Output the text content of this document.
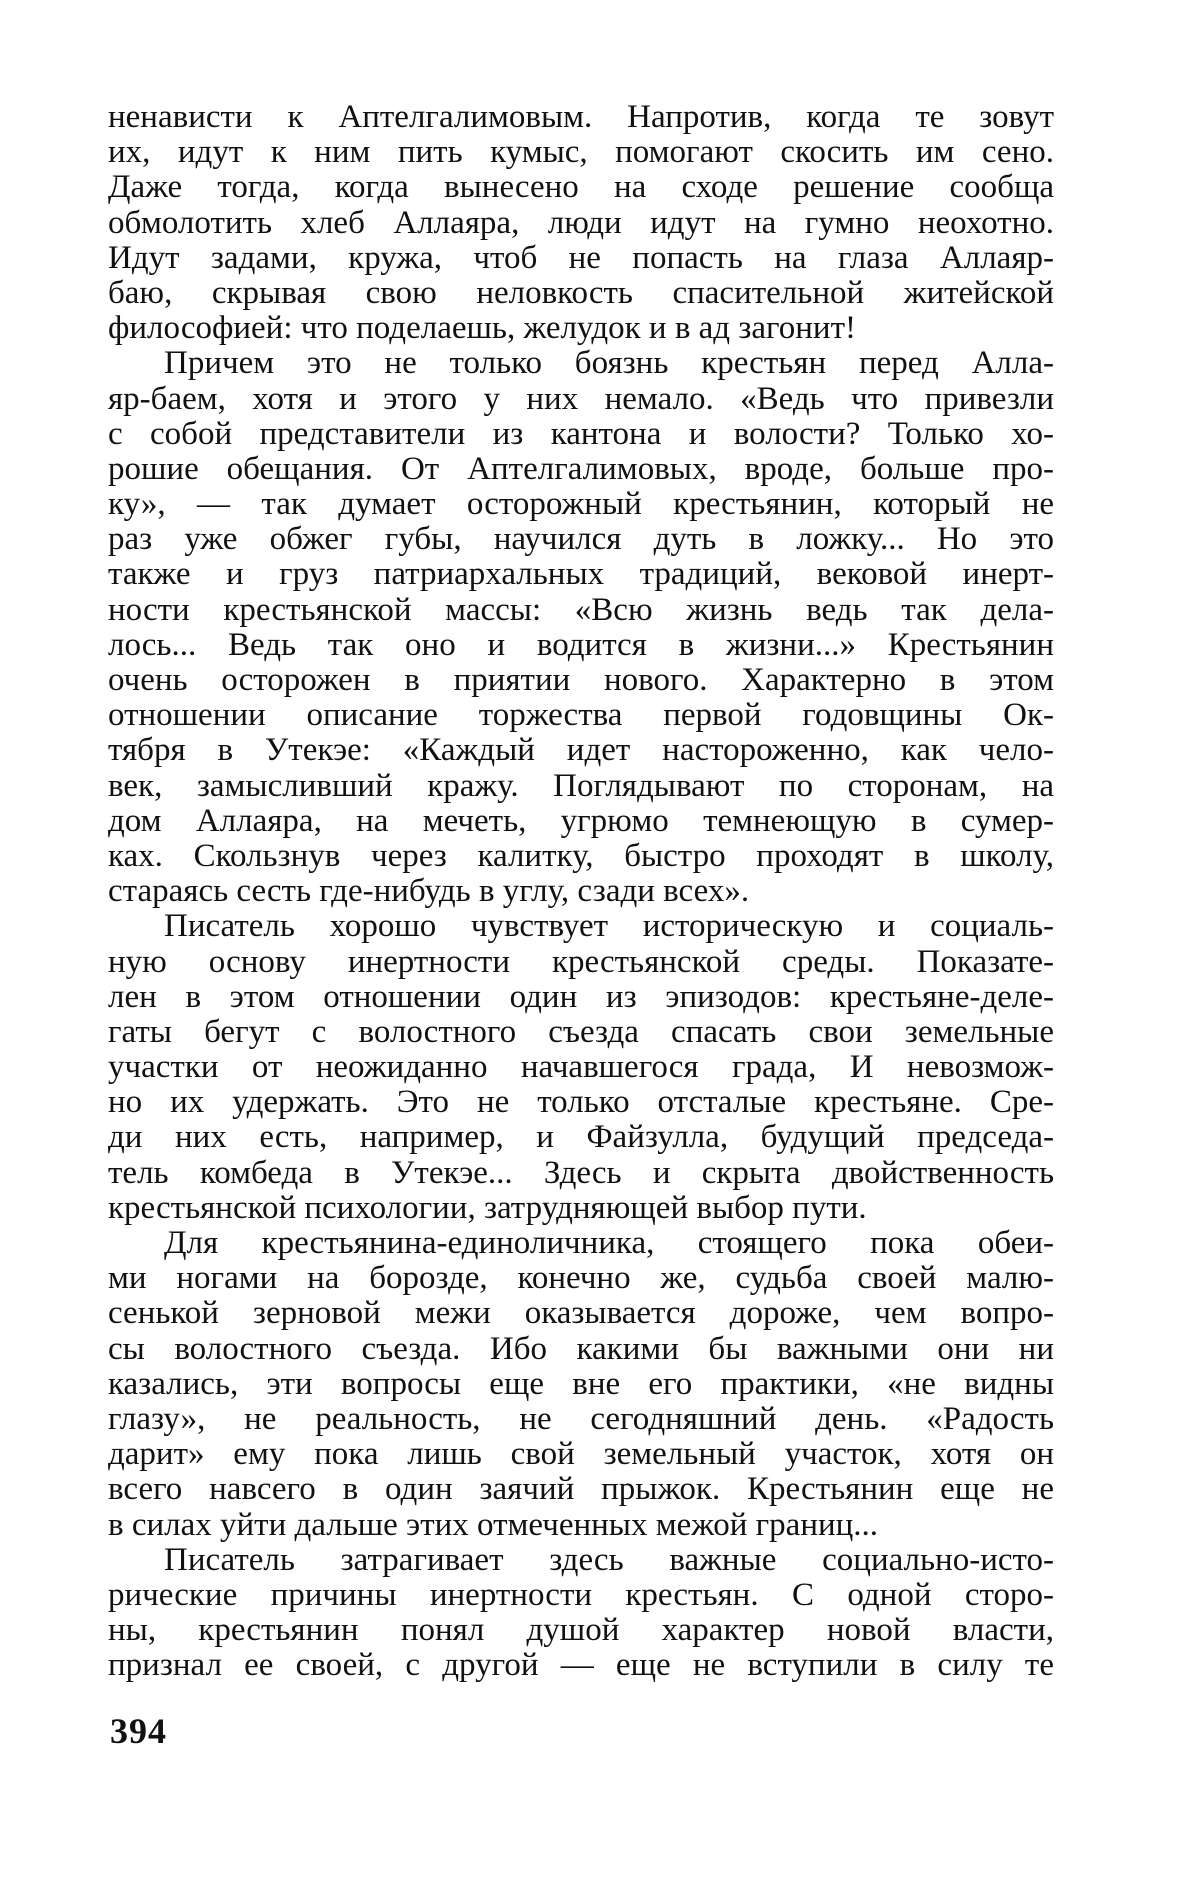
ненависти к Аптелгалимовым. Напротив, когда те зовут
их, идут к ним пить кумыс, помогают скосить им сено.
Даже тогда, когда вынесено на сходе решение сообща
обмолотить хлеб Аллаяра, люди идут на гумно неохотно.
Идут задами, кружа, чтоб не попасть на глаза Аллаяр-
баю, скрывая свою неловкость спасительной житейской
философией: что поделаешь, желудок и в ад загонит!
Причем это не только боязнь крестьян перед Алла-
яр-баем, хотя и этого у них немало. «Ведь что привезли
с собой представители из кантона и волости? Только хо-
рошие обещания. От Аптелгалимовых, вроде, больше про-
ку», — так думает осторожный крестьянин, который не
раз уже обжег губы, научился дуть в ложку... Но это
также и груз патриархальных традиций, вековой инерт-
ности крестьянской массы: «Всю жизнь ведь так дела-
лось... Ведь так оно и водится в жизни...» Крестьянин
очень осторожен в приятии нового. Характерно в этом
отношении описание торжества первой годовщины Ок-
тября в Утекэе: «Каждый идет настороженно, как чело-
век, замысливший кражу. Поглядывают по сторонам, на
дом Аллаяра, на мечеть, угрюмо темнеющую в сумер-
ках. Скользнув через калитку, быстро проходят в школу,
стараясь сесть где-нибудь в углу, сзади всех».
Писатель хорошо чувствует историческую и социаль-
ную основу инертности крестьянской среды. Показате-
лен в этом отношении один из эпизодов: крестьяне-деле-
гаты бегут с волостного съезда спасать свои земельные
участки от неожиданно начавшегося града, И невозмож-
но их удержать. Это не только отсталые крестьяне. Сре-
ди них есть, например, и Файзулла, будущий председа-
тель комбеда в Утекэе... Здесь и скрыта двойственность
крестьянской психологии, затрудняющей выбор пути.
Для крестьянина-единоличника, стоящего пока обеи-
ми ногами на борозде, конечно же, судьба своей малю-
сенькой зерновой межи оказывается дороже, чем вопро-
сы волостного съезда. Ибо какими бы важными они ни
казались, эти вопросы еще вне его практики, «не видны
глазу», не реальность, не сегодняшний день. «Радость
дарит» ему пока лишь свой земельный участок, хотя он
всего навсего в один заячий прыжок. Крестьянин еще не
в силах уйти дальше этих отмеченных межой границ...
Писатель затрагивает здесь важные социально-исто-
рические причины инертности крестьян. С одной сторо-
ны, крестьянин понял душой характер новой власти,
признал ее своей, с другой — еще не вступили в силу те
394
